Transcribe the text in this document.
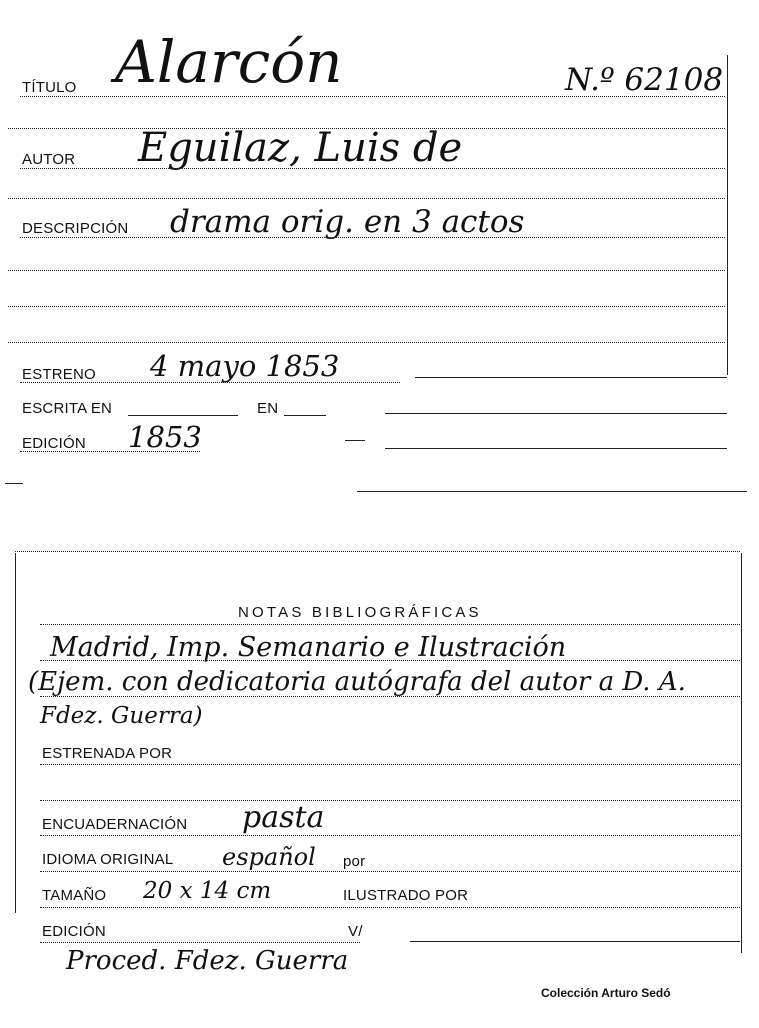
TÍTULO Alarcón	N.º 62108
AUTOR Eguilaz, Luis de
DESCRIPCIÓN drama orig. en 3 actos
ESTRENO 4 mayo 1853
ESCRITA EN	EN
EDICIÓN 1853
NOTAS BIBLIOGRÁFICAS
Madrid, Imp. Semanario e Ilustración
(Ejem. con dedicatoria autógrafa del autor a D. A.
Fdez. Guerra)
ESTRENADA POR
ENCUADERNACIÓN pasta
IDIOMA ORIGINAL español por
TAMAÑO 20 x 14 cm	ILUSTRADO POR
EDICIÓN	V/
Proced. Fdez. Guerra
Colección Arturo Sedó
